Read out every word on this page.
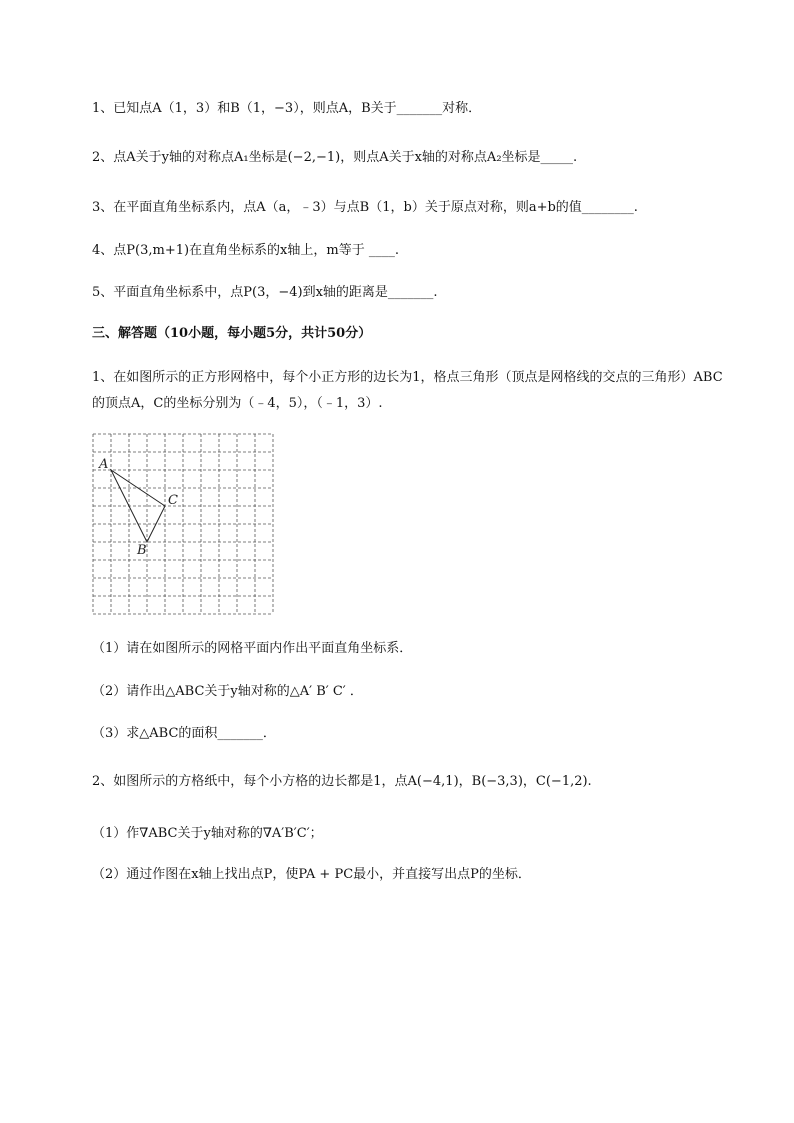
1、已知点A（1，3）和B（1，−3），则点A，B关于_______对称．
2、点A关于y轴的对称点A₁坐标是(−2,−1)，则点A关于x轴的对称点A₂坐标是_____.
3、在平面直角坐标系内，点A（a，﹣3）与点B（1，b）关于原点对称，则a+b的值________.
4、点P(3,m+1)在直角坐标系的x轴上，m等于 ____.
5、平面直角坐标系中，点P(3，−4)到x轴的距离是_______.
三、解答题（10小题，每小题5分，共计50分）
1、在如图所示的正方形网格中，每个小正方形的边长为1，格点三角形（顶点是网格线的交点的三角形）ABC的顶点A，C的坐标分别为（﹣4，5），（﹣1，3）.
A
B
C
（1）请在如图所示的网格平面内作出平面直角坐标系．
（2）请作出△ABC关于y轴对称的△A′ B′ C′ ．
（3）求△ABC的面积_______．
2、如图所示的方格纸中，每个小方格的边长都是1，点A(−4,1)，B(−3,3)，C(−1,2).
（1）作∇ABC关于y轴对称的∇A′B′C′；
（2）通过作图在x轴上找出点P，使PA + PC最小，并直接写出点P的坐标．
